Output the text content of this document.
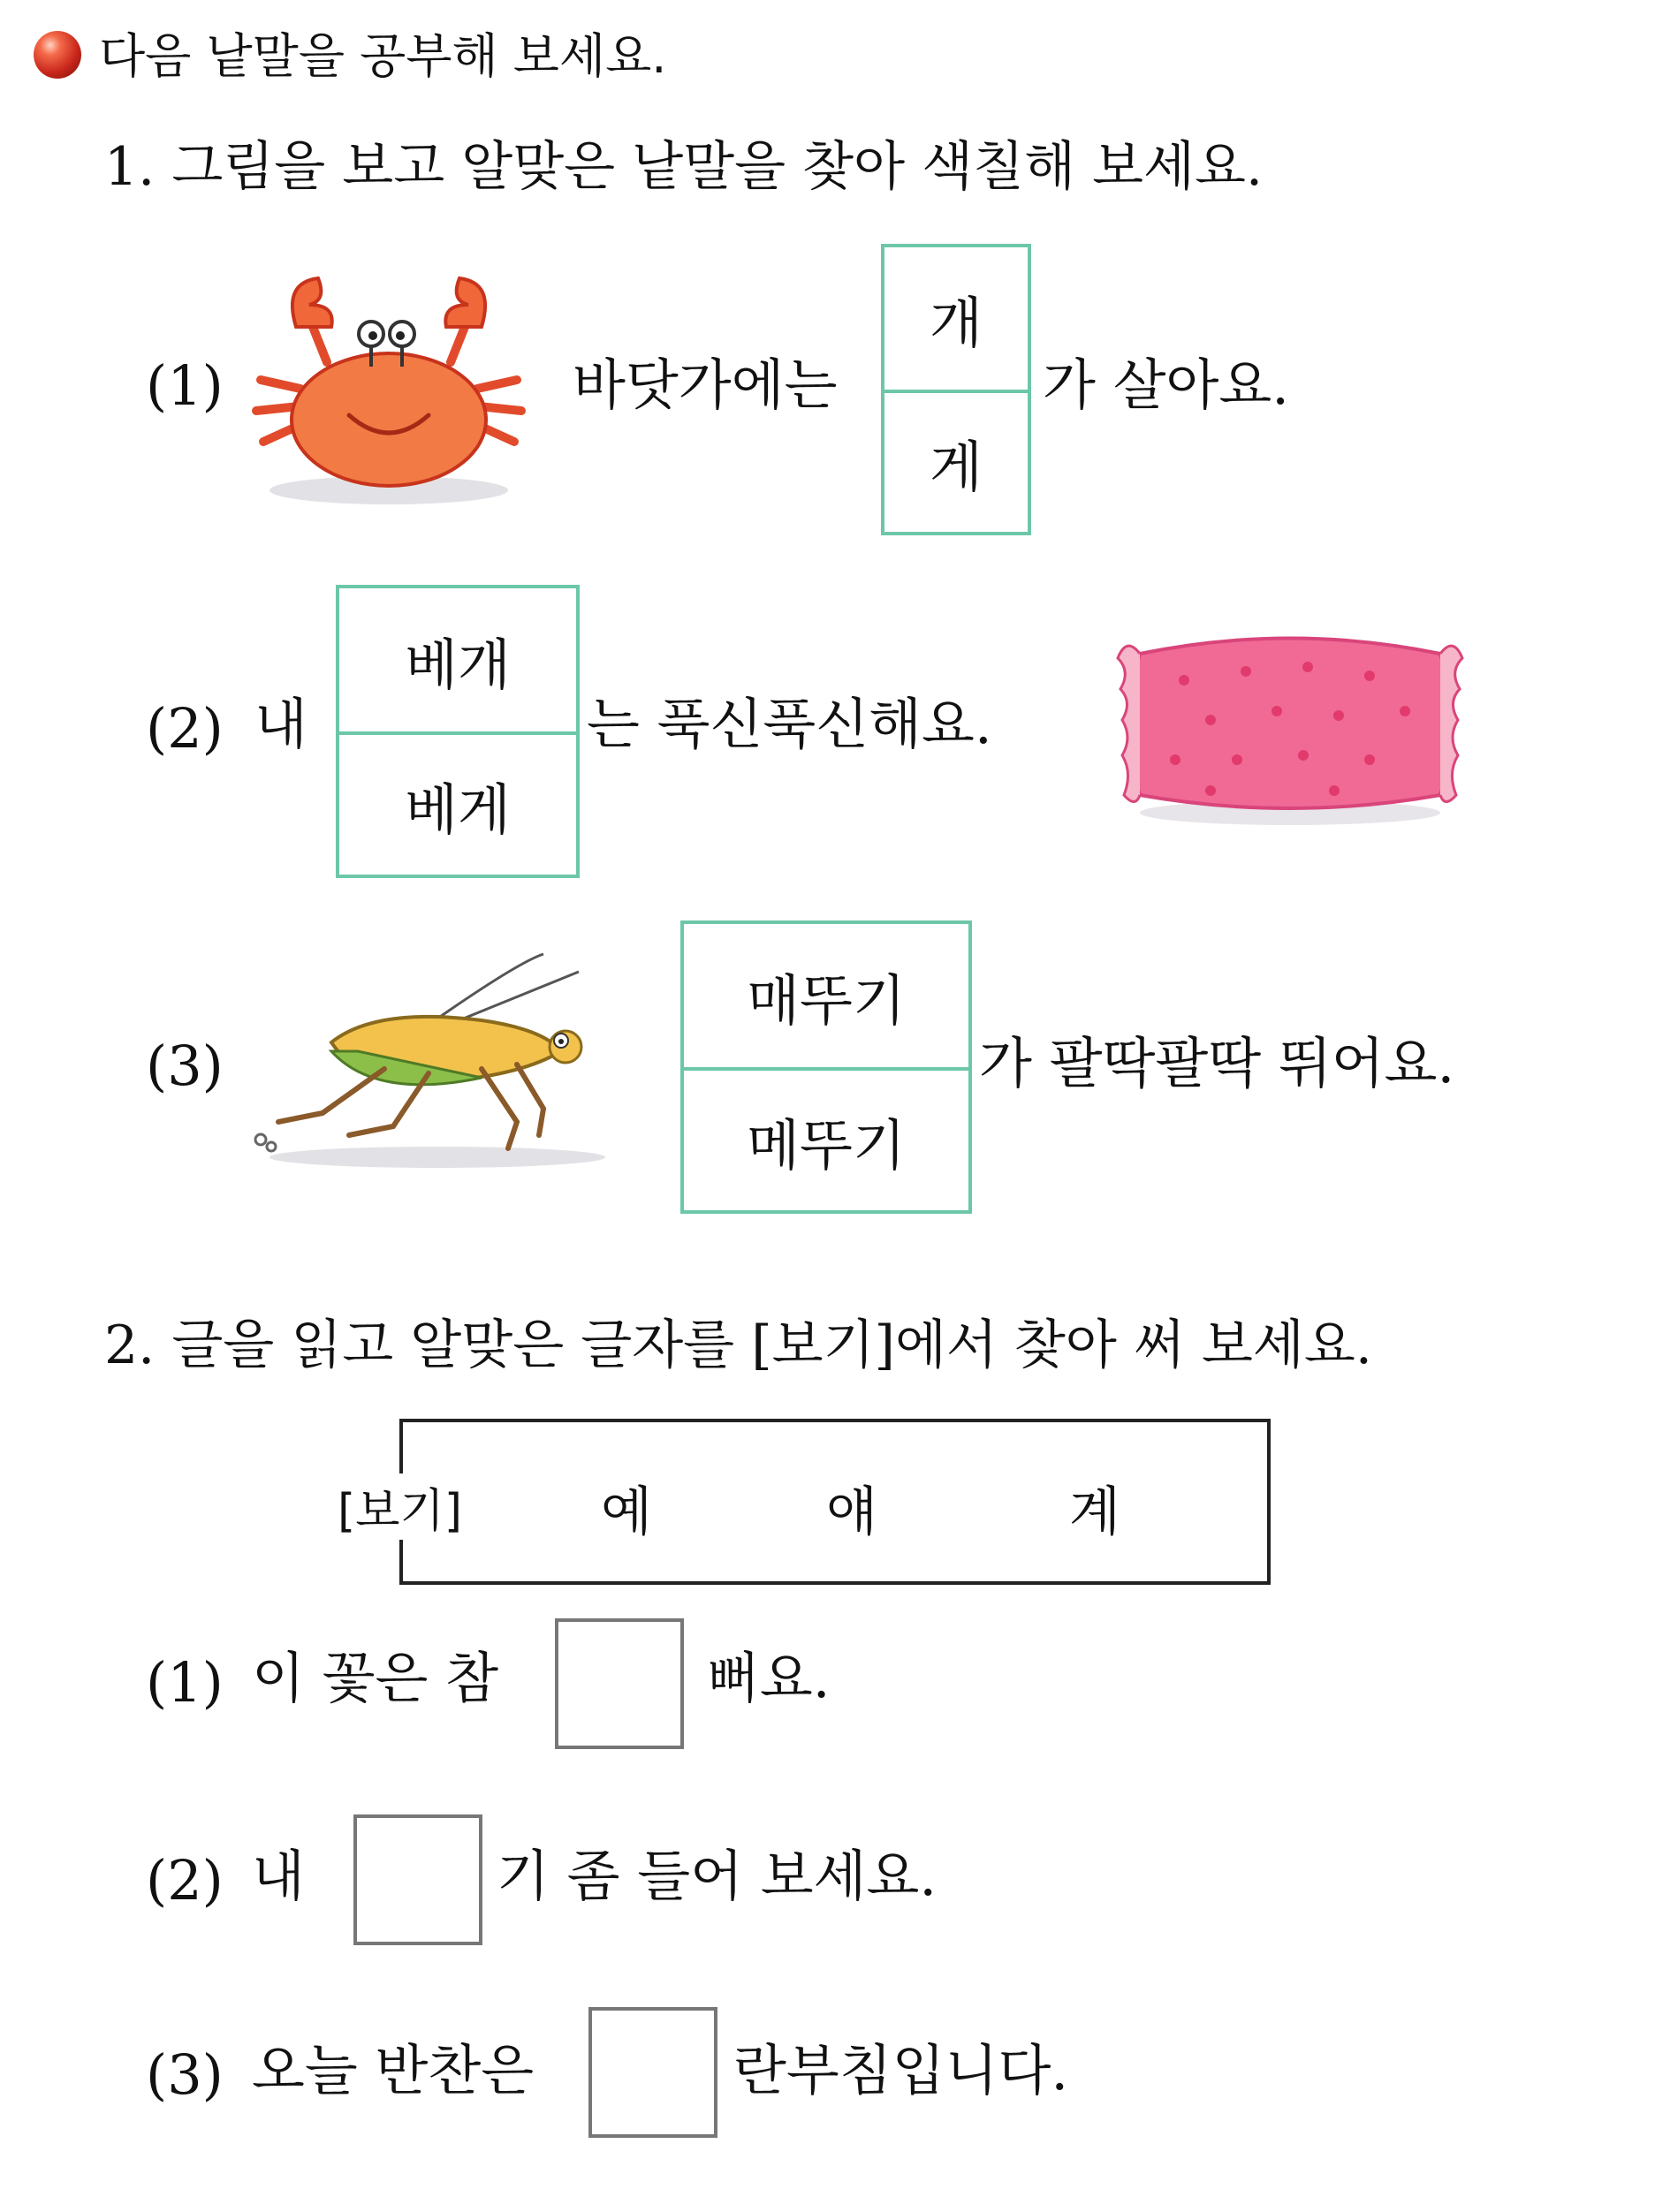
다음 낱말을 공부해 보세요.
1. 그림을 보고 알맞은 낱말을 찾아 색칠해 보세요.
(1)	바닷가에는
개
게
가 살아요.
(2) 내
베개
베게
는 푹신푹신해요.
(3)
매뚜기
메뚜기
가 팔딱팔딱 뛰어요.
2. 글을 읽고 알맞은 글자를 [보기]에서 찾아 써 보세요.
[보기]	예	얘	계
(1) 이 꽃은 참	뻐요.
(2) 내	기 좀 들어 보세요.
(3) 오늘 반찬은	란부침입니다.
